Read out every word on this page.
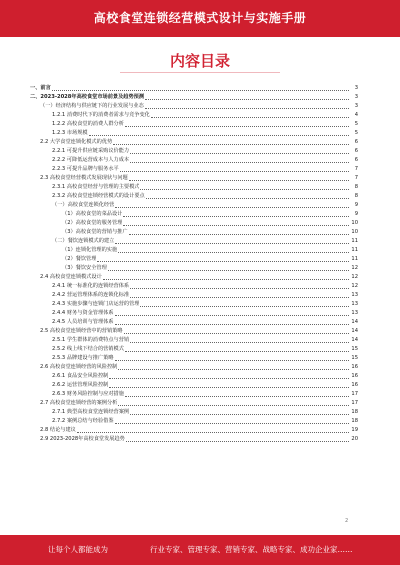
高校食堂连锁经营模式设计与实施手册
内容目录
一、前言	3
二、2023-2028年高校食堂市场前景及趋势预测	3
（一）经济结构与供应链下的行业发展与业态	3
1.2.1 消费时代下的消费者需求与竞争变化	4
1.2.2 高校食堂的消费人群分析	5
1.2.3 市场规模	5
2.2 大学食堂连锁化模式的优势	6
2.2.1 可提升供应链采购议价能力	6
2.2.2 可降低运营成本与人力成本	6
2.2.3 可提升品牌与服务水平	7
2.3 高校食堂经营模式发展现状与问题	7
2.3.1 高校食堂经营与管理的主要模式	8
2.3.2 高校食堂连锁经营模式的设计要点	8
（一）高校食堂连锁化经营	9
（1）高校食堂的菜品设计	9
（2）高校食堂的服务管理	10
（3）高校食堂的营销与推广	10
（二）餐饮连锁模式的建立	11
（1）连锁化管理的实施	11
（2）餐饮管理	11
（3）餐饮安全管理	12
2.4 高校食堂连锁模式设计	12
2.4.1 统一标准化的连锁经营体系	12
2.4.2 营运管理体系的连锁化标准	13
2.4.3 实施步骤与连锁门店运营的管理	13
2.4.4 财务与资金管理体系	13
2.4.5 人员培训与管理体系	14
2.5 高校食堂连锁经营中的营销策略	14
2.5.1 学生群体的消费特点与营销	14
2.5.2 线上线下结合的营销模式	15
2.5.3 品牌建设与推广策略	15
2.6 高校食堂连锁经营的风险控制	16
2.6.1 食品安全风险控制	16
2.6.2 运营管理风险控制	16
2.6.3 财务风险控制与应对措施	17
2.7 高校食堂连锁经营的案例分析	17
2.7.1 典型高校食堂连锁经营案例	18
2.7.2 案例总结与经验借鉴	18
2.8 结论与建议	19
2.9 2023-2028年高校食堂发展趋势	20
2
让每个人都能成为	行业专家、管理专家、营销专家、战略专家、成功企业家……
